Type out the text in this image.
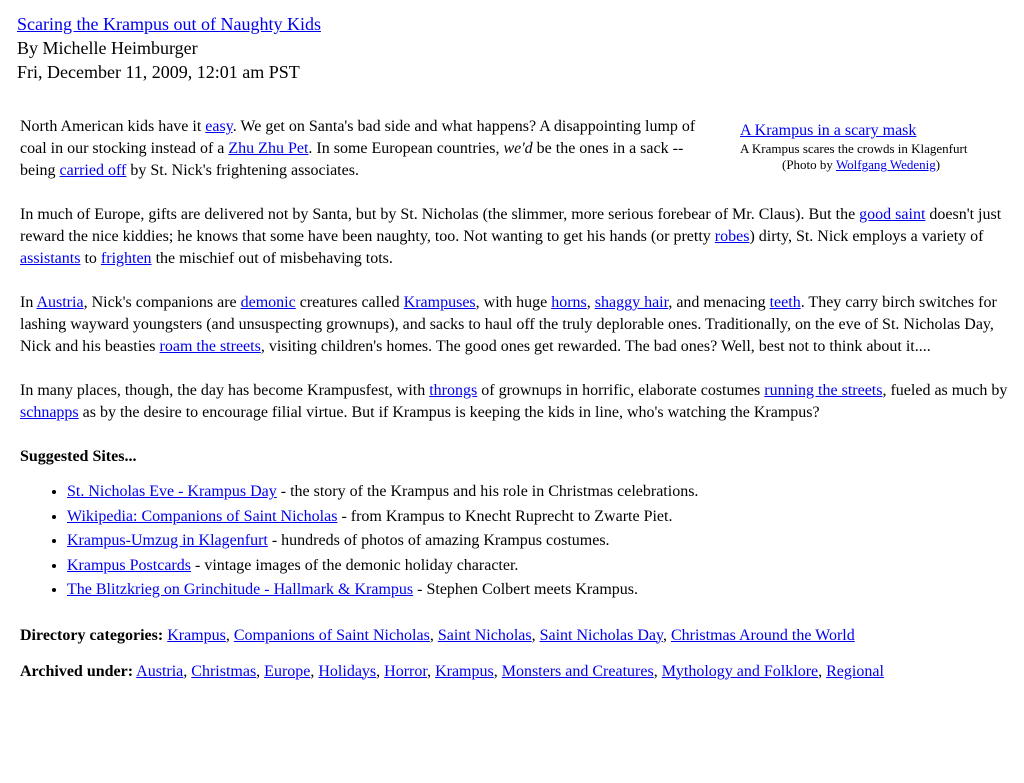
Scaring the Krampus out of Naughty Kids
By Michelle Heimburger
Fri, December 11, 2009, 12:01 am PST
A Krampus in a scary mask
A Krampus scares the crowds in Klagenfurt
(Photo by Wolfgang Wedenig)

North American kids have it easy. We get on Santa's bad side and what happens? A disappointing lump of coal in our stocking instead of a Zhu Zhu Pet. In some European countries, we'd be the ones in a sack -- being carried off by St. Nick's frightening associates.

In much of Europe, gifts are delivered not by Santa, but by St. Nicholas (the slimmer, more serious forebear of Mr. Claus). But the good saint doesn't just reward the nice kiddies; he knows that some have been naughty, too. Not wanting to get his hands (or pretty robes) dirty, St. Nick employs a variety of assistants to frighten the mischief out of misbehaving tots.

In Austria, Nick's companions are demonic creatures called Krampuses, with huge horns, shaggy hair, and menacing teeth. They carry birch switches for lashing wayward youngsters (and unsuspecting grownups), and sacks to haul off the truly deplorable ones. Traditionally, on the eve of St. Nicholas Day, Nick and his beasties roam the streets, visiting children's homes. The good ones get rewarded. The bad ones? Well, best not to think about it....

In many places, though, the day has become Krampusfest, with throngs of grownups in horrific, elaborate costumes running the streets, fueled as much by schnapps as by the desire to encourage filial virtue. But if Krampus is keeping the kids in line, who's watching the Krampus?

Suggested Sites...
• St. Nicholas Eve - Krampus Day - the story of the Krampus and his role in Christmas celebrations.
• Wikipedia: Companions of Saint Nicholas - from Krampus to Knecht Ruprecht to Zwarte Piet.
• Krampus-Umzug in Klagenfurt - hundreds of photos of amazing Krampus costumes.
• Krampus Postcards - vintage images of the demonic holiday character.
• The Blitzkrieg on Grinchitude - Hallmark & Krampus - Stephen Colbert meets Krampus.
Directory categories: Krampus, Companions of Saint Nicholas, Saint Nicholas, Saint Nicholas Day, Christmas Around the World
Archived under: Austria, Christmas, Europe, Holidays, Horror, Krampus, Monsters and Creatures, Mythology and Folklore, Regional
